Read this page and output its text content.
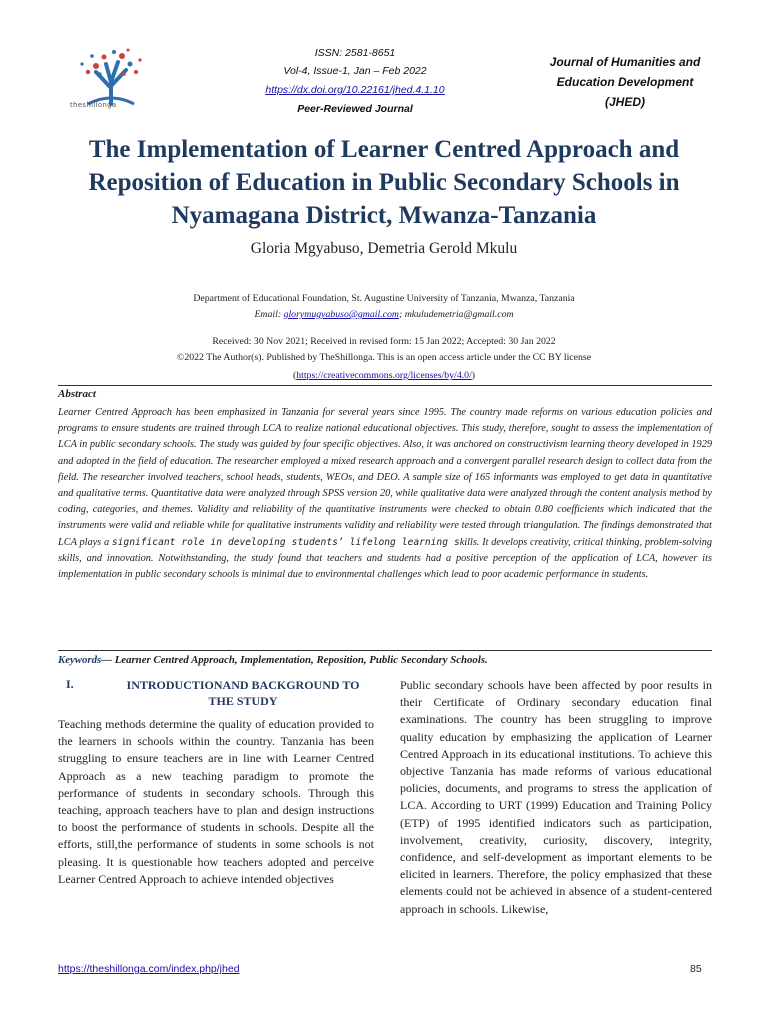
theshillonga
ISSN: 2581-8651
Vol-4, Issue-1, Jan – Feb 2022
https://dx.doi.org/10.22161/jhed.4.1.10
Peer-Reviewed Journal
Journal of Humanities and
Education Development
(JHED)
The Implementation of Learner Centred Approach and
Reposition of Education in Public Secondary Schools in
Nyamagana District, Mwanza-Tanzania
Gloria Mgyabuso, Demetria Gerold Mkulu
Department of Educational Foundation, St. Augustine University of Tanzania, Mwanza, Tanzania
Email: glorymugyabuso@gmail.com; mkuludemetria@gmail.com
Received: 30 Nov 2021; Received in revised form: 15 Jan 2022; Accepted: 30 Jan 2022
©2022 The Author(s). Published by TheShillonga. This is an open access article under the CC BY license
(https://creativecommons.org/licenses/by/4.0/)
Abstract
Learner Centred Approach has been emphasized in Tanzania for several years since 1995. The country made reforms on various education policies and programs to ensure students are trained through LCA to realize national educational objectives. This study, therefore, sought to assess the implementation of LCA in public secondary schools. The study was guided by four specific objectives. Also, it was anchored on constructivism learning theory developed in 1929 and adopted in the field of education. The researcher employed a mixed research approach and a convergent parallel research design to collect data from the field. The researcher involved teachers, school heads, students, WEOs, and DEO. A sample size of 165 informants was employed to get data in quantitative and qualitative terms. Quantitative data were analyzed through SPSS version 20, while qualitative data were analyzed through the content analysis method by coding, categories, and themes. Validity and reliability of the quantitative instruments were checked to obtain 0.80 coefficients which indicated that the instruments were valid and reliable while for qualitative instruments validity and reliability were tested through triangulation. The findings demonstrated that LCA plays a significant role in developing students’ lifelong learning skills. It develops creativity, critical thinking, problem-solving skills, and innovation. Notwithstanding, the study found that teachers and students had a positive perception of the application of LCA, however its implementation in public secondary schools is minimal due to environmental challenges which lead to poor academic performance in students.
Keywords— Learner Centred Approach, Implementation, Reposition, Public Secondary Schools.
I.	INTRODUCTIONAND BACKGROUND TO THE STUDY
Teaching methods determine the quality of education provided to the learners in schools within the country. Tanzania has been struggling to ensure teachers are in line with Learner Centred Approach as a new teaching paradigm to promote the performance of students in secondary schools. Through this teaching, approach teachers have to plan and design instructions to boost the performance of students in schools. Despite all the efforts, still,the performance of students in some schools is not pleasing. It is questionable how teachers adopted and perceive Learner Centred Approach to achieve intended objectives
Public secondary schools have been affected by poor results in their Certificate of Ordinary secondary education final examinations. The country has been struggling to improve quality education by emphasizing the application of Learner Centred Approach in its educational institutions. To achieve this objective Tanzania has made reforms of various educational policies, documents, and programs to stress the application of LCA. According to URT (1999) Education and Training Policy (ETP) of 1995 identified indicators such as participation, involvement, creativity, curiosity, discovery, integrity, confidence, and self-development as important elements to be elicited in learners. Therefore, the policy emphasized that these elements could not be achieved in absence of a student-centered approach in schools. Likewise,
https://theshillonga.com/index.php/jhed	85
